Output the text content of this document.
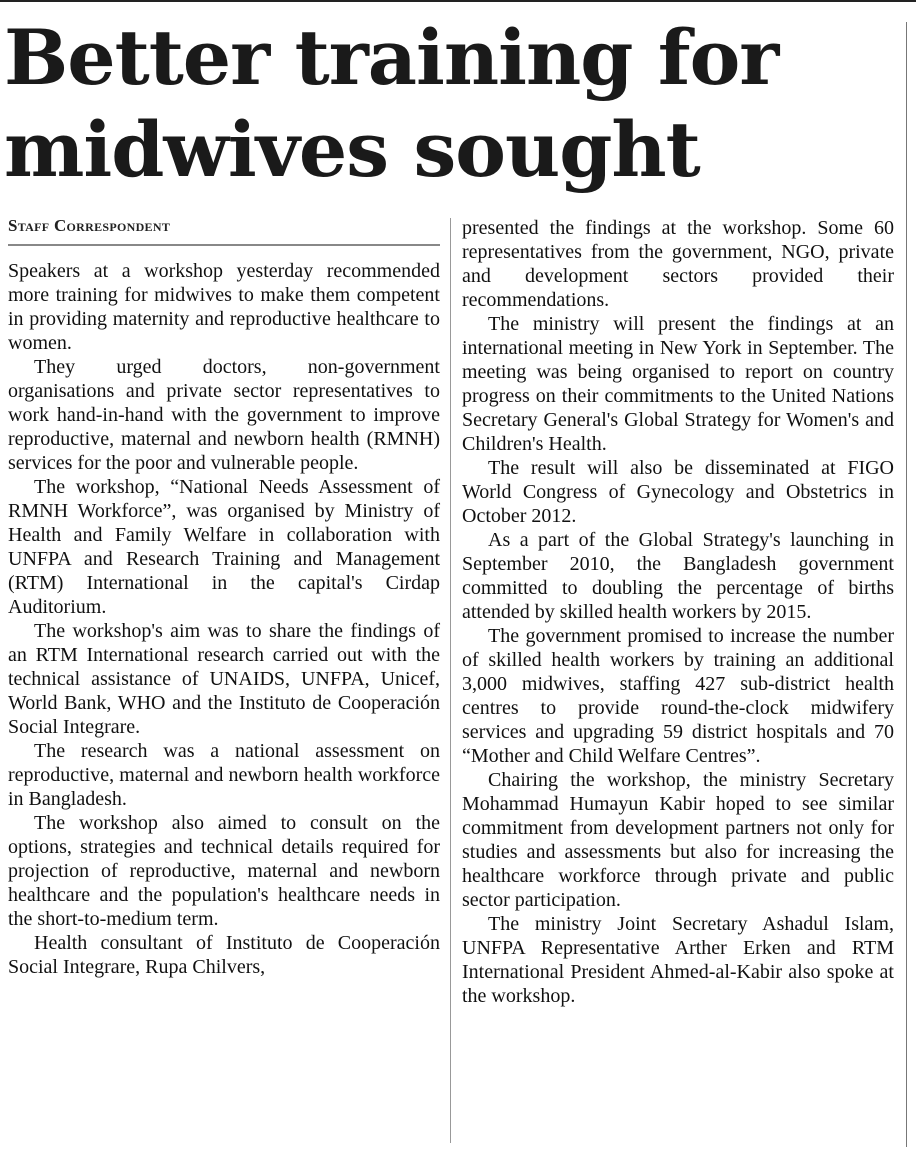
Better training for midwives sought
Staff Correspondent

Speakers at a workshop yesterday recommended more training for midwives to make them competent in providing maternity and reproductive healthcare to women.

They urged doctors, non-government organisations and private sector representatives to work hand-in-hand with the government to improve reproductive, maternal and newborn health (RMNH) services for the poor and vulnerable people.

The workshop, “National Needs Assessment of RMNH Workforce”, was organised by Ministry of Health and Family Welfare in collaboration with UNFPA and Research Training and Management (RTM) International in the capital's Cirdap Auditorium.

The workshop's aim was to share the findings of an RTM International research carried out with the technical assistance of UNAIDS, UNFPA, Unicef, World Bank, WHO and the Instituto de Cooperación Social Integrare.

The research was a national assessment on reproductive, maternal and newborn health workforce in Bangladesh.

The workshop also aimed to consult on the options, strategies and technical details required for projection of reproductive, maternal and newborn healthcare and the population's healthcare needs in the short-to-medium term.

Health consultant of Instituto de Cooperación Social Integrare, Rupa Chilvers,

presented the findings at the workshop. Some 60 representatives from the government, NGO, private and development sectors provided their recommendations.

The ministry will present the findings at an international meeting in New York in September. The meeting was being organised to report on country progress on their commitments to the United Nations Secretary General's Global Strategy for Women's and Children's Health.

The result will also be disseminated at FIGO World Congress of Gynecology and Obstetrics in October 2012.

As a part of the Global Strategy's launching in September 2010, the Bangladesh government committed to doubling the percentage of births attended by skilled health workers by 2015.

The government promised to increase the number of skilled health workers by training an additional 3,000 midwives, staffing 427 sub-district health centres to provide round-the-clock midwifery services and upgrading 59 district hospitals and 70 “Mother and Child Welfare Centres”.

Chairing the workshop, the ministry Secretary Mohammad Humayun Kabir hoped to see similar commitment from development partners not only for studies and assessments but also for increasing the healthcare workforce through private and public sector participation.

The ministry Joint Secretary Ashadul Islam, UNFPA Representative Arther Erken and RTM International President Ahmed-al-Kabir also spoke at the workshop.
